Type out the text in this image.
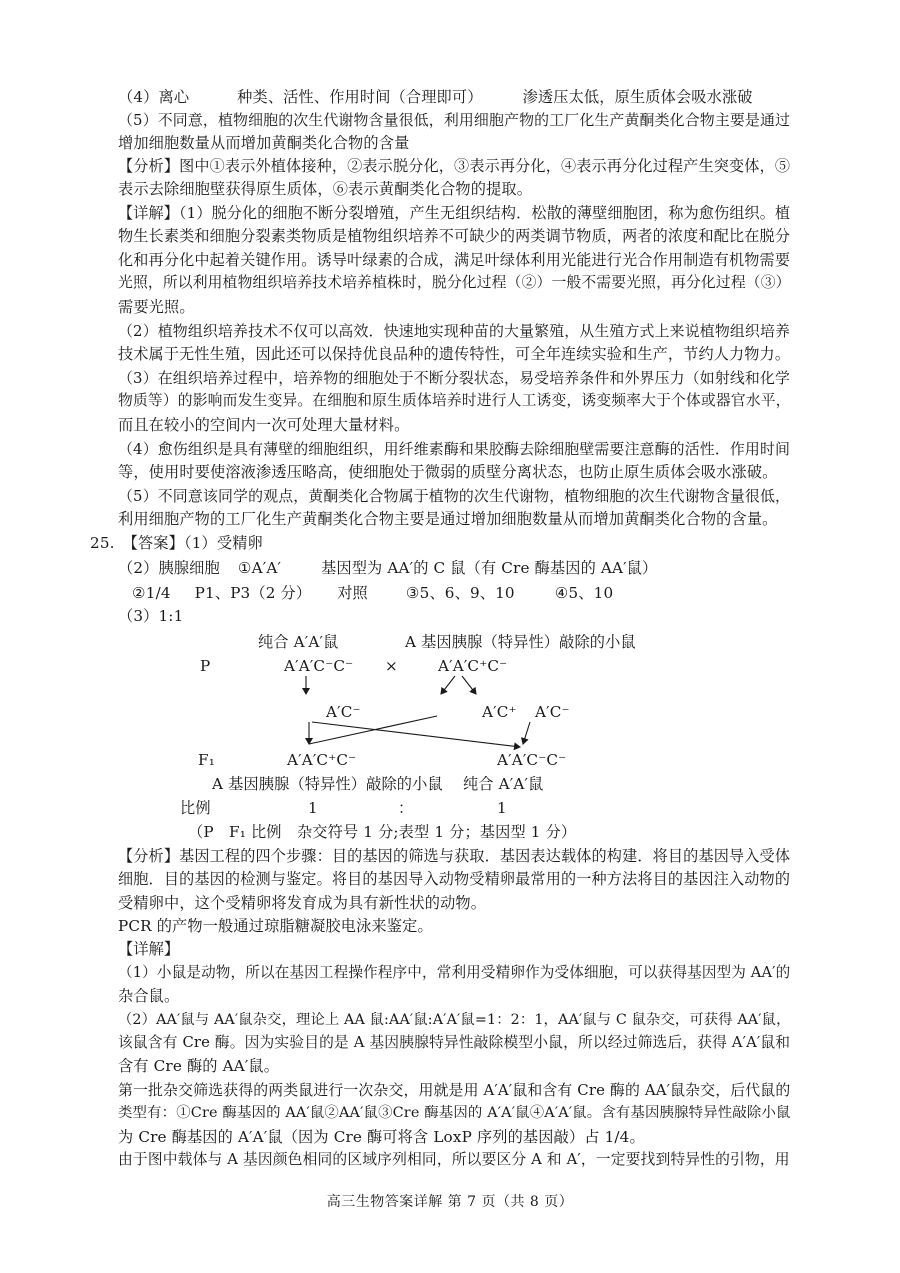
（4）离心	种类、活性、作用时间（合理即可）	渗透压太低，原生质体会吸水涨破
（5）不同意，植物细胞的次生代谢物含量很低，利用细胞产物的工厂化生产黄酮类化合物主要是通过
增加细胞数量从而增加黄酮类化合物的含量
【分析】图中①表示外植体接种，②表示脱分化，③表示再分化，④表示再分化过程产生突变体，⑤
表示去除细胞壁获得原生质体，⑥表示黄酮类化合物的提取。
【详解】（1）脱分化的细胞不断分裂增殖，产生无组织结构．松散的薄壁细胞团，称为愈伤组织。植
物生长素类和细胞分裂素类物质是植物组织培养不可缺少的两类调节物质，两者的浓度和配比在脱分
化和再分化中起着关键作用。诱导叶绿素的合成，满足叶绿体利用光能进行光合作用制造有机物需要
光照，所以利用植物组织培养技术培养植株时，脱分化过程（②）一般不需要光照，再分化过程（③）
需要光照。
（2）植物组织培养技术不仅可以高效．快速地实现种苗的大量繁殖，从生殖方式上来说植物组织培养
技术属于无性生殖，因此还可以保持优良品种的遗传特性，可全年连续实验和生产，节约人力物力。
（3）在组织培养过程中，培养物的细胞处于不断分裂状态，易受培养条件和外界压力（如射线和化学
物质等）的影响而发生变异。在细胞和原生质体培养时进行人工诱变，诱变频率大于个体或器官水平，
而且在较小的空间内一次可处理大量材料。
（4）愈伤组织是具有薄壁的细胞组织，用纤维素酶和果胶酶去除细胞壁需要注意酶的活性．作用时间
等，使用时要使溶液渗透压略高，使细胞处于微弱的质壁分离状态，也防止原生质体会吸水涨破。
（5）不同意该同学的观点，黄酮类化合物属于植物的次生代谢物，植物细胞的次生代谢物含量很低，
利用细胞产物的工厂化生产黄酮类化合物主要是通过增加细胞数量从而增加黄酮类化合物的含量。
25. 【答案】（1）受精卵
（2）胰腺细胞 ①A′A′	基因型为 AA′的 C 鼠（有 Cre 酶基因的 AA′鼠）
②1/4 P1、P3（2 分） 对照	③5、6、9、10	④5、10
（3）1:1
纯合 A′A′鼠	A 基因胰腺（特异性）敲除的小鼠
P	A′A′C⁻C⁻ ×	A′A′C⁺C⁻
A′C⁻	A′C⁺ A′C⁻
F₁	A′A′C⁺C⁻	A′A′C⁻C⁻
A 基因胰腺（特异性）敲除的小鼠 纯合 A′A′鼠
比例	1	：	1
（P　F₁ 比例　杂交符号 1 分;表型 1 分；基因型 1 分）
【分析】基因工程的四个步骤：目的基因的筛选与获取．基因表达载体的构建．将目的基因导入受体
细胞．目的基因的检测与鉴定。将目的基因导入动物受精卵最常用的一种方法将目的基因注入动物的
受精卵中，这个受精卵将发育成为具有新性状的动物。
PCR 的产物一般通过琼脂糖凝胶电泳来鉴定。
【详解】
（1）小鼠是动物，所以在基因工程操作程序中，常利用受精卵作为受体细胞，可以获得基因型为 AA′的
杂合鼠。
（2）AA′鼠与 AA′鼠杂交，理论上 AA 鼠:AA′鼠:A′A′鼠=1：2：1，AA′鼠与 C 鼠杂交，可获得 AA′鼠，
该鼠含有 Cre 酶。因为实验目的是 A 基因胰腺特异性敲除模型小鼠，所以经过筛选后，获得 A′A′鼠和
含有 Cre 酶的 AA′鼠。
第一批杂交筛选获得的两类鼠进行一次杂交，用就是用 A′A′鼠和含有 Cre 酶的 AA′鼠杂交，后代鼠的
类型有：①Cre 酶基因的 AA′鼠②AA′鼠③Cre 酶基因的 A′A′鼠④A′A′鼠。含有基因胰腺特异性敲除小鼠
为 Cre 酶基因的 A′A′鼠（因为 Cre 酶可将含 LoxP 序列的基因敲）占 1/4。
由于图中载体与 A 基因颜色相同的区域序列相同，所以要区分 A 和 A′，一定要找到特异性的引物，用
高三生物答案详解 第 7 页（共 8 页）
